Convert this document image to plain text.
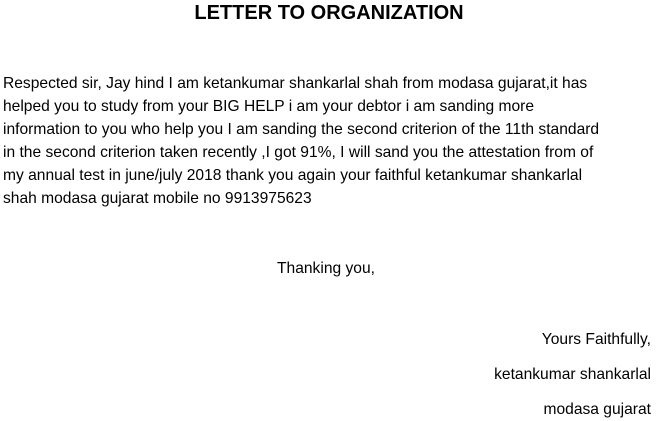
LETTER TO ORGANIZATION

Respected sir, Jay hind I am ketankumar shankarlal shah from modasa gujarat,it has
helped you to study from your BIG HELP i am your debtor i am sanding more
information to you who help you I am sanding the second criterion of the 11th standard
in the second criterion taken recently ,I got 91%, I will sand you the attestation from of
my annual test in june/july 2018 thank you again your faithful ketankumar shankarlal
shah modasa gujarat mobile no 9913975623

Thanking you,
Yours Faithfully,
ketankumar shankarlal
modasa gujarat
